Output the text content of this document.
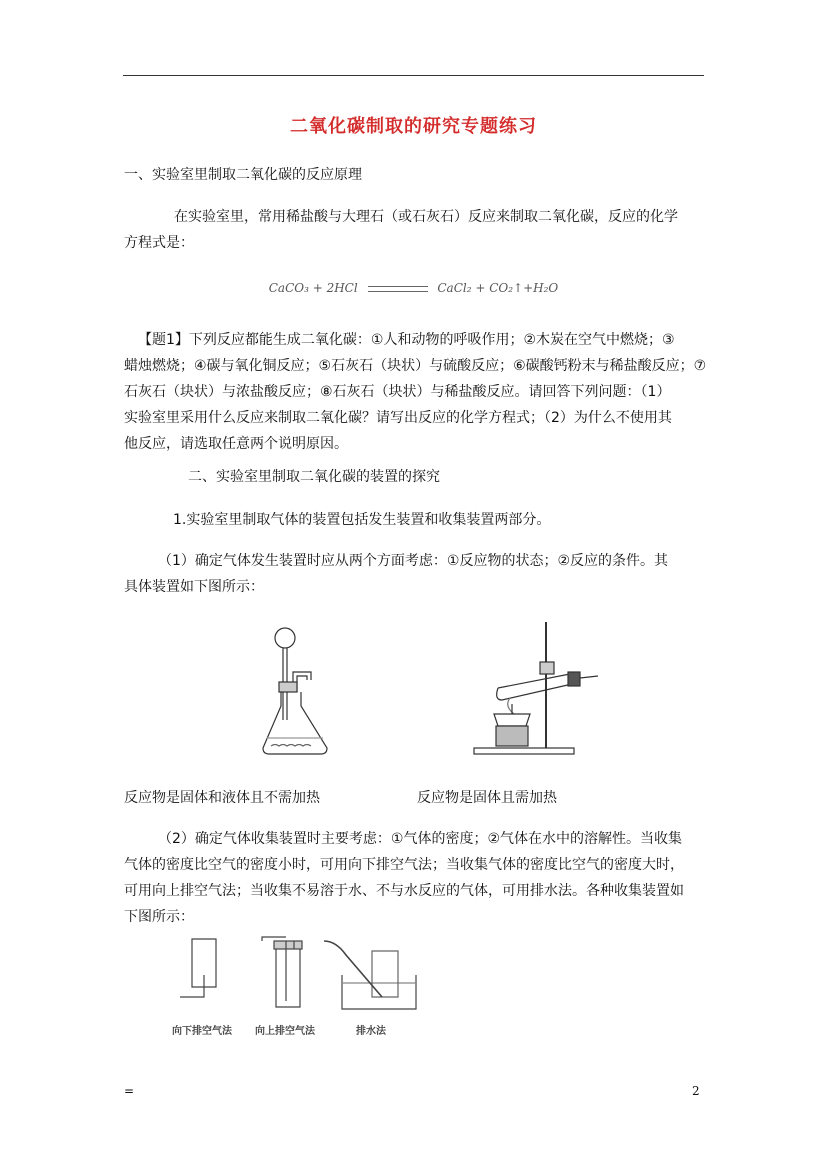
二氧化碳制取的研究专题练习
一、实验室里制取二氧化碳的反应原理
在实验室里，常用稀盐酸与大理石（或石灰石）反应来制取二氧化碳，反应的化学
方程式是：
CaCO₃ + 2HCl	CaCl₂ + CO₂↑+H₂O
【题1】下列反应都能生成二氧化碳：①人和动物的呼吸作用；②木炭在空气中燃烧；③
蜡烛燃烧；④碳与氧化铜反应；⑤石灰石（块状）与硫酸反应；⑥碳酸钙粉末与稀盐酸反应；⑦
石灰石（块状）与浓盐酸反应；⑧石灰石（块状）与稀盐酸反应。请回答下列问题：（1）
实验室里采用什么反应来制取二氧化碳？请写出反应的化学方程式；（2）为什么不使用其
他反应，请选取任意两个说明原因。
二、实验室里制取二氧化碳的装置的探究
1.实验室里制取气体的装置包括发生装置和收集装置两部分。
（1）确定气体发生装置时应从两个方面考虑：①反应物的状态；②反应的条件。其
具体装置如下图所示：
反应物是固体和液体且不需加热	反应物是固体且需加热
（2）确定气体收集装置时主要考虑：①气体的密度；②气体在水中的溶解性。当收集
气体的密度比空气的密度小时，可用向下排空气法；当收集气体的密度比空气的密度大时，
可用向上排空气法；当收集不易溶于水、不与水反应的气体，可用排水法。各种收集装置如
下图所示：
向下排空气法 向上排空气法	排水法
=	2
